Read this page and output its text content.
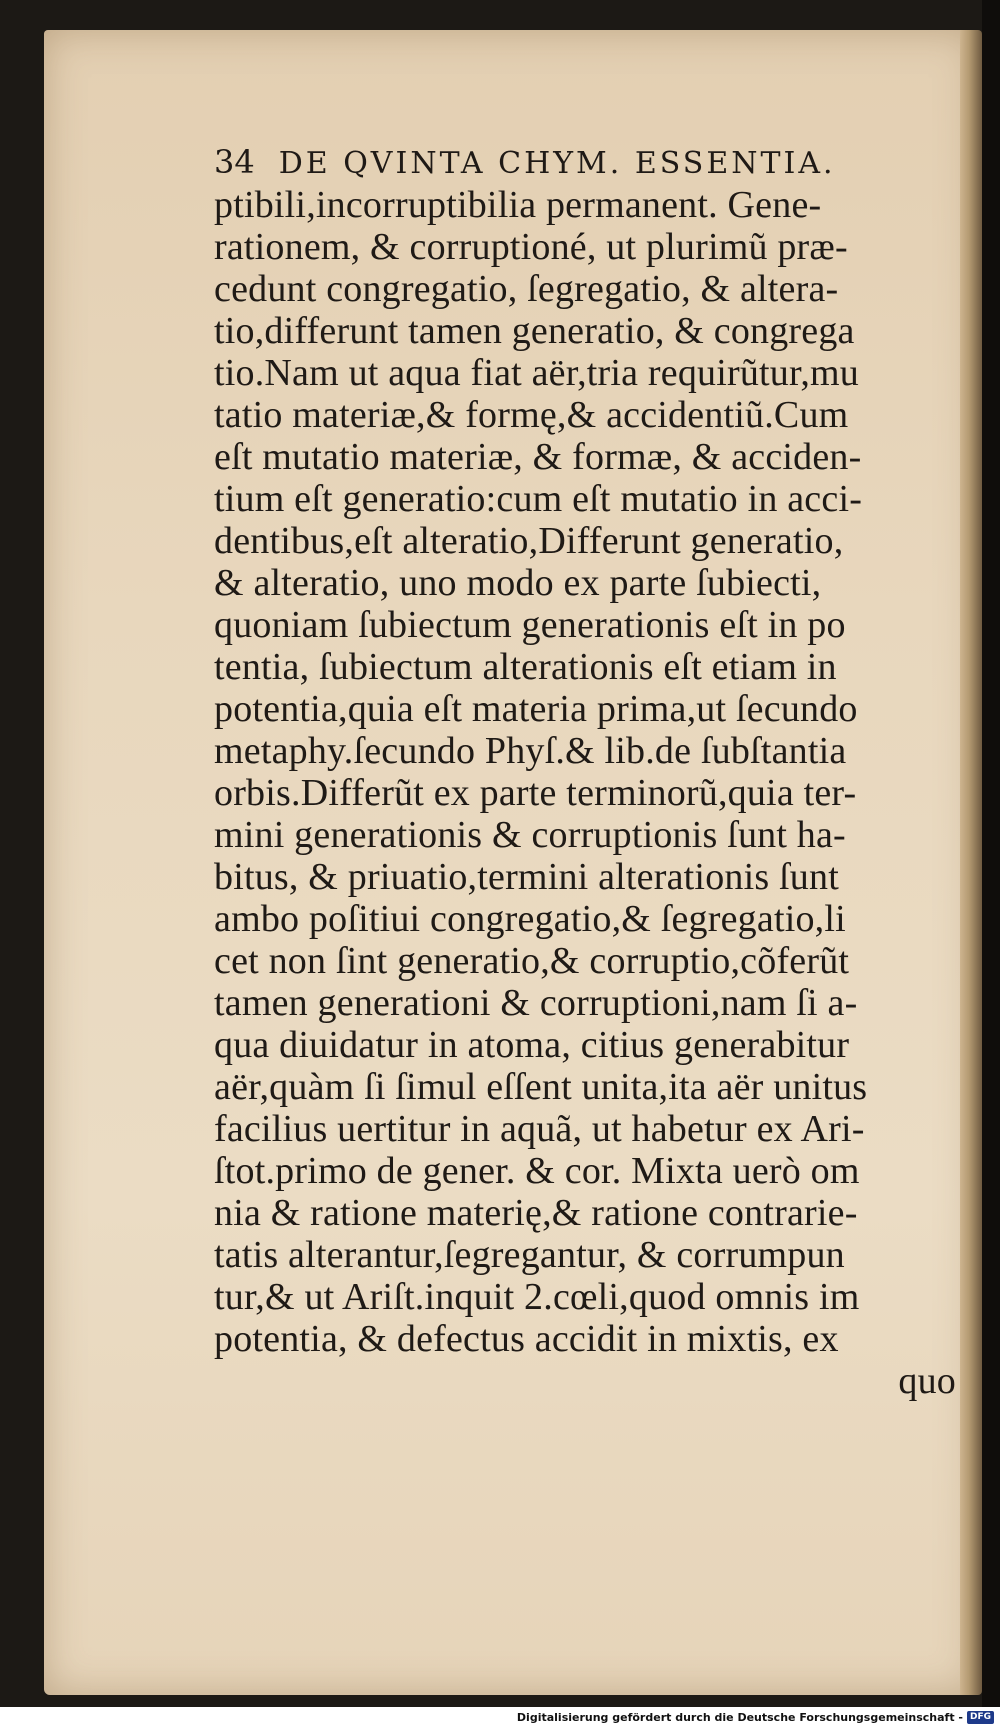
34 DE QVINTA CHYM. ESSENTIA.
ptibili,incorruptibilia permanent. Gene-
rationem, & corruptioné, ut plurimũ præ-
cedunt congregatio, ſegregatio, & altera-
tio,differunt tamen generatio, & congrega
tio.Nam ut aqua fiat aër,tria requirũtur,mu
tatio materiæ,& formę,& accidentiũ.Cum
eſt mutatio materiæ, & formæ, & acciden-
tium eſt generatio:cum eſt mutatio in acci-
dentibus,eſt alteratio,Differunt generatio,
& alteratio, uno modo ex parte ſubiecti,
quoniam ſubiectum generationis eſt in po
tentia, ſubiectum alterationis eſt etiam in
potentia,quia eſt materia prima,ut ſecundo
metaphy.ſecundo Phyſ.& lib.de ſubſtantia
orbis.Differũt ex parte terminorũ,quia ter-
mini generationis & corruptionis ſunt ha-
bitus, & priuatio,termini alterationis ſunt
ambo poſitiui congregatio,& ſegregatio,li
cet non ſint generatio,& corruptio,cõferũt
tamen generationi & corruptioni,nam ſi a-
qua diuidatur in atoma, citius generabitur
aër,quàm ſi ſimul eſſent unita,ita aër unitus
facilius uertitur in aquã, ut habetur ex Ari-
ſtot.primo de gener. & cor. Mixta uerò om
nia & ratione materię,& ratione contrarie-
tatis alterantur,ſegregantur, & corrumpun
tur,& ut Ariſt.inquit 2.cœli,quod omnis im
potentia, & defectus accidit in mixtis, ex
quo
Digitalisierung gefördert durch die Deutsche Forschungsgemeinschaft - DFG
